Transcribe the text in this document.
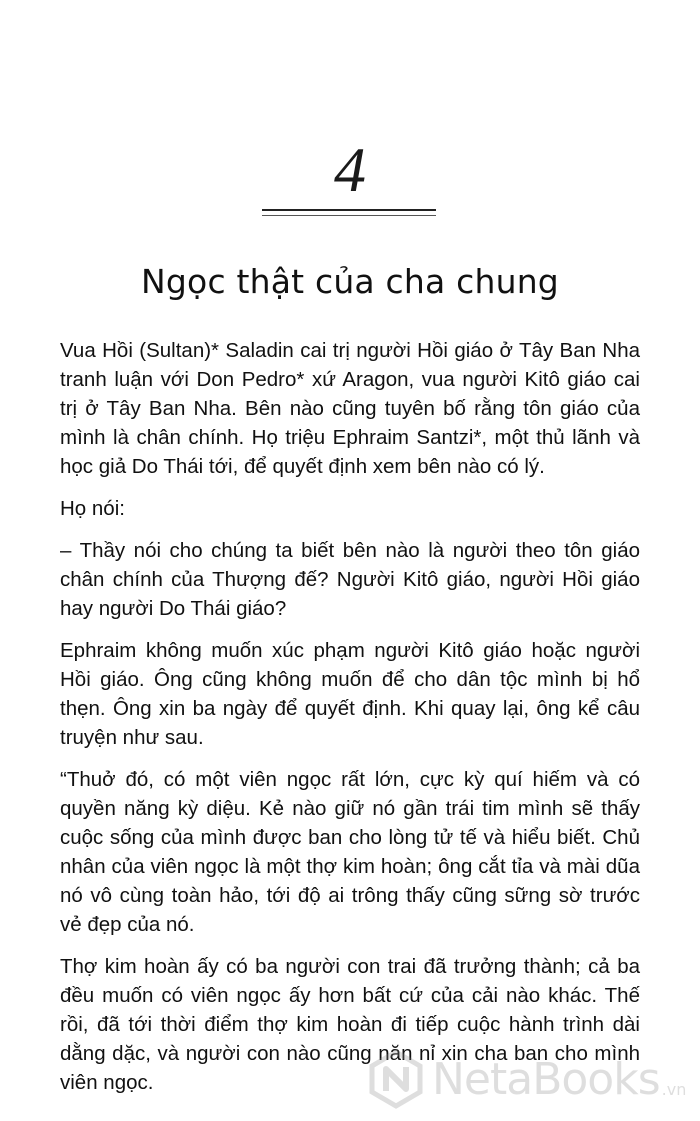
4
Ngọc thật của cha chung

Vua Hồi (Sultan)* Saladin cai trị người Hồi giáo ở Tây Ban Nha tranh luận với Don Pedro* xứ Aragon, vua người Kitô giáo cai trị ở Tây Ban Nha. Bên nào cũng tuyên bố rằng tôn giáo của mình là chân chính. Họ triệu Ephraim Santzi*, một thủ lãnh và học giả Do Thái tới, để quyết định xem bên nào có lý.

Họ nói:

– Thầy nói cho chúng ta biết bên nào là người theo tôn giáo chân chính của Thượng đế? Người Kitô giáo, người Hồi giáo hay người Do Thái giáo?

Ephraim không muốn xúc phạm người Kitô giáo hoặc người Hồi giáo. Ông cũng không muốn để cho dân tộc mình bị hổ thẹn. Ông xin ba ngày để quyết định. Khi quay lại, ông kể câu truyện như sau.

“Thuở đó, có một viên ngọc rất lớn, cực kỳ quí hiếm và có quyền năng kỳ diệu. Kẻ nào giữ nó gần trái tim mình sẽ thấy cuộc sống của mình được ban cho lòng tử tế và hiểu biết. Chủ nhân của viên ngọc là một thợ kim hoàn; ông cắt tỉa và mài dũa nó vô cùng toàn hảo, tới độ ai trông thấy cũng sững sờ trước vẻ đẹp của nó.

Thợ kim hoàn ấy có ba người con trai đã trưởng thành; cả ba đều muốn có viên ngọc ấy hơn bất cứ của cải nào khác. Thế rồi, đã tới thời điểm thợ kim hoàn đi tiếp cuộc hành trình dài dằng dặc, và người con nào cũng năn nỉ xin cha ban cho mình viên ngọc.	NetaBooks .vn
